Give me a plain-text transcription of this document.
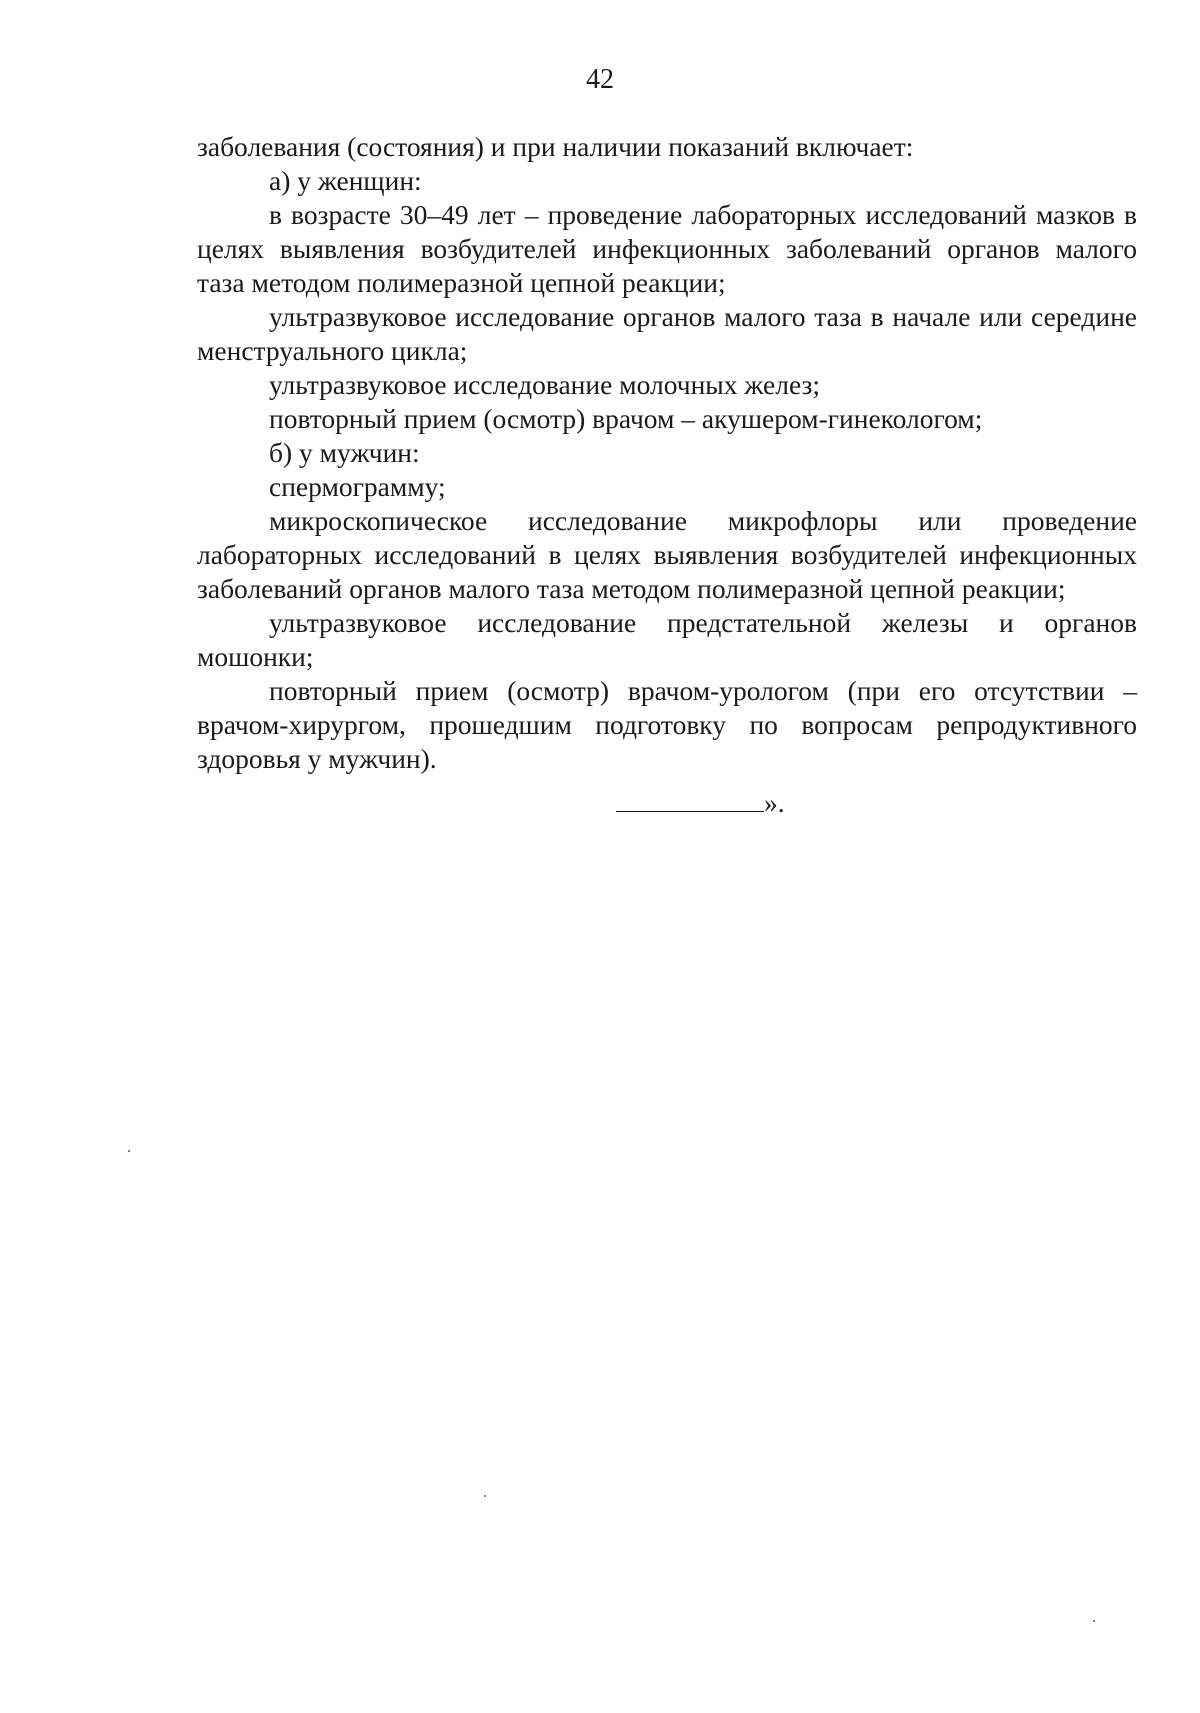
42

заболевания (состояния) и при наличии показаний включает:

а) у женщин:

в возрасте 30–49 лет – проведение лабораторных исследований мазков в целях выявления возбудителей инфекционных заболеваний органов малого таза методом полимеразной цепной реакции;

ультразвуковое исследование органов малого таза в начале или середине менструального цикла;

ультразвуковое исследование молочных желез;

повторный прием (осмотр) врачом – акушером-гинекологом;

б) у мужчин:

спермограмму;

микроскопическое исследование микрофлоры или проведение лабораторных исследований в целях выявления возбудителей инфекционных заболеваний органов малого таза методом полимеразной цепной реакции;

ультразвуковое исследование предстательной железы и органов мошонки;

повторный прием (осмотр) врачом-урологом (при его отсутствии – врачом-хирургом, прошедшим подготовку по вопросам репродуктивного здоровья у мужчин).

».
